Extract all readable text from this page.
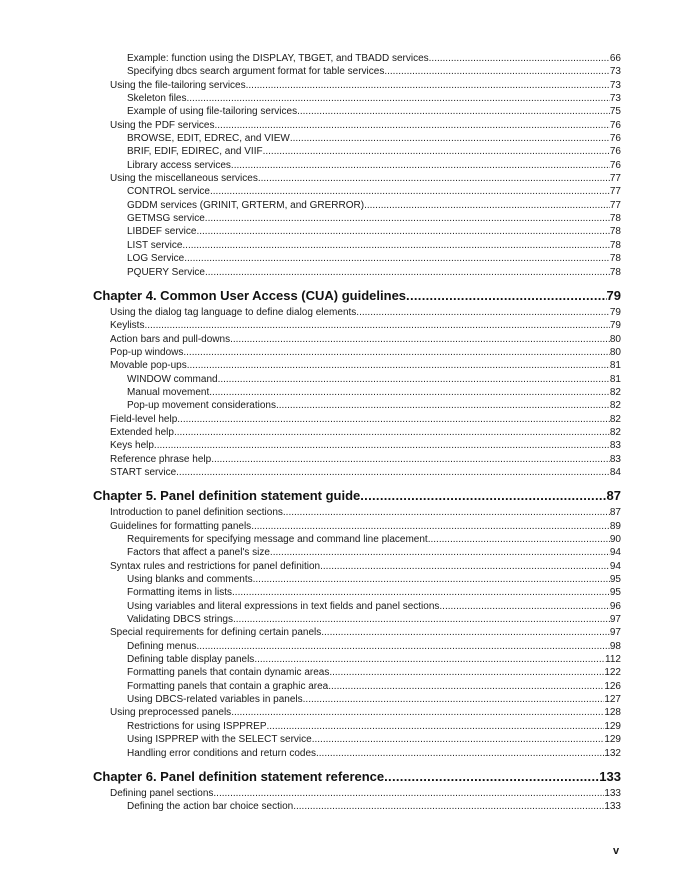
Example: function using the DISPLAY, TBGET, and TBADD services .....	66
Specifying dbcs search argument format for table services .....	73
Using the file-tailoring services .....	73
Skeleton files .....	73
Example of using file-tailoring services .....	75
Using the PDF services .....	76
BROWSE, EDIT, EDREC, and VIEW .....	76
BRIF, EDIF, EDIREC, and VIIF .....	76
Library access services .....	76
Using the miscellaneous services .....	77
CONTROL service .....	77
GDDM services (GRINIT, GRTERM, and GRERROR) .....	77
GETMSG service .....	78
LIBDEF service .....	78
LIST service .....	78
LOG Service .....	78
PQUERY Service .....	78
Chapter 4. Common User Access (CUA) guidelines .....	79
Using the dialog tag language to define dialog elements .....	79
Keylists .....	79
Action bars and pull-downs .....	80
Pop-up windows .....	80
Movable pop-ups .....	81
WINDOW command .....	81
Manual movement .....	82
Pop-up movement considerations .....	82
Field-level help .....	82
Extended help .....	82
Keys help .....	83
Reference phrase help .....	83
START service .....	84
Chapter 5. Panel definition statement guide .....	87
Introduction to panel definition sections .....	87
Guidelines for formatting panels .....	89
Requirements for specifying message and command line placement .....	90
Factors that affect a panel's size .....	94
Syntax rules and restrictions for panel definition .....	94
Using blanks and comments .....	95
Formatting items in lists .....	95
Using variables and literal expressions in text fields and panel sections .....	96
Validating DBCS strings .....	97
Special requirements for defining certain panels .....	97
Defining menus .....	98
Defining table display panels .....	112
Formatting panels that contain dynamic areas .....	122
Formatting panels that contain a graphic area .....	126
Using DBCS-related variables in panels .....	127
Using preprocessed panels .....	128
Restrictions for using ISPPREP .....	129
Using ISPPREP with the SELECT service .....	129
Handling error conditions and return codes .....	132
Chapter 6. Panel definition statement reference .....	133
Defining panel sections .....	133
Defining the action bar choice section .....	133
v
